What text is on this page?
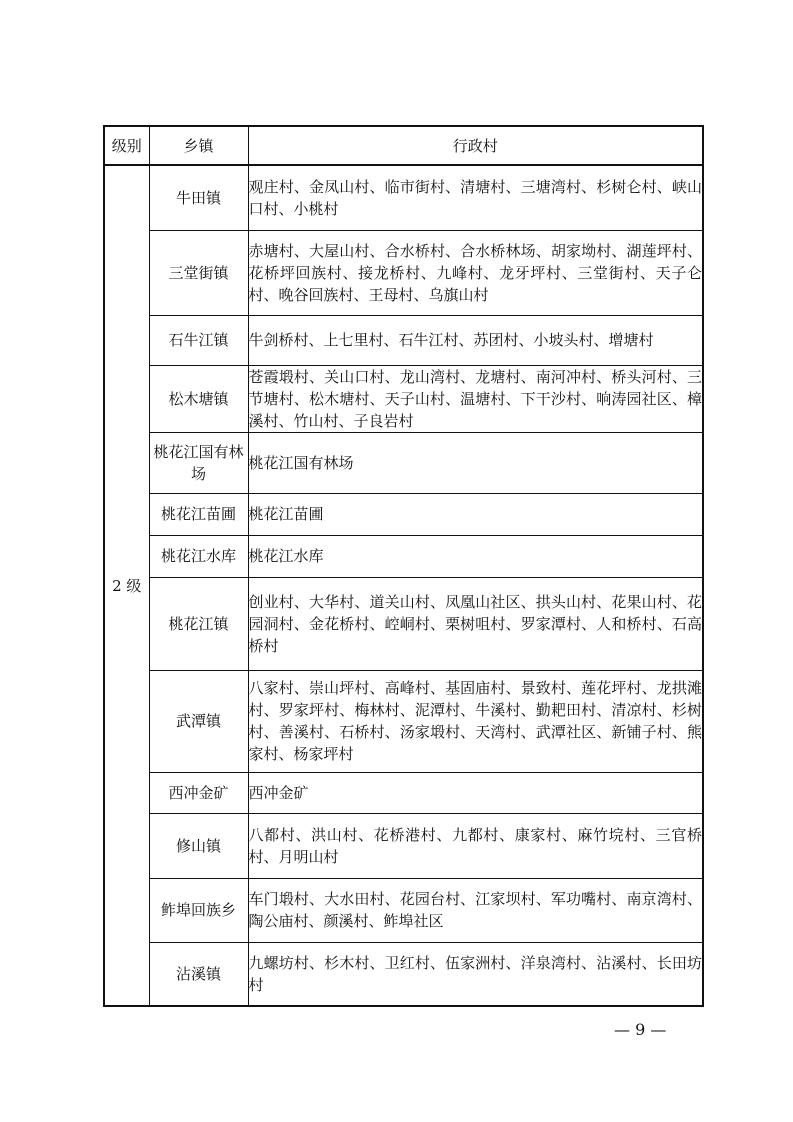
级别	乡镇	行政村
2 级	牛田镇	观庄村、金凤山村、临市街村、清塘村、三塘湾村、杉树仑村、峡山口村、小桃村
	三堂街镇	赤塘村、大屋山村、合水桥村、合水桥林场、胡家坳村、湖莲坪村、花桥坪回族村、接龙桥村、九峰村、龙牙坪村、三堂街村、天子仑村、晚谷回族村、王母村、乌旗山村
	石牛江镇	牛剑桥村、上七里村、石牛江村、苏团村、小坡头村、增塘村
	松木塘镇	苍霞塅村、关山口村、龙山湾村、龙塘村、南河冲村、桥头河村、三节塘村、松木塘村、天子山村、温塘村、下干沙村、响涛园社区、樟溪村、竹山村、子良岩村
	桃花江国有林场	桃花江国有林场
	桃花江苗圃	桃花江苗圃
	桃花江水库	桃花江水库
	桃花江镇	创业村、大华村、道关山村、凤凰山社区、拱头山村、花果山村、花园洞村、金花桥村、崆峒村、栗树咀村、罗家潭村、人和桥村、石高桥村
	武潭镇	八家村、崇山坪村、高峰村、基固庙村、景致村、莲花坪村、龙拱滩村、罗家坪村、梅林村、泥潭村、牛溪村、勤耙田村、清凉村、杉树村、善溪村、石桥村、汤家塅村、天湾村、武潭社区、新铺子村、熊家村、杨家坪村
	西冲金矿	西冲金矿
	修山镇	八都村、洪山村、花桥港村、九都村、康家村、麻竹垸村、三官桥村、月明山村
	鲊埠回族乡	车门塅村、大水田村、花园台村、江家坝村、军功嘴村、南京湾村、陶公庙村、颜溪村、鲊埠社区
	沾溪镇	九螺坊村、杉木村、卫红村、伍家洲村、洋泉湾村、沾溪村、长田坊村
— 9 —
